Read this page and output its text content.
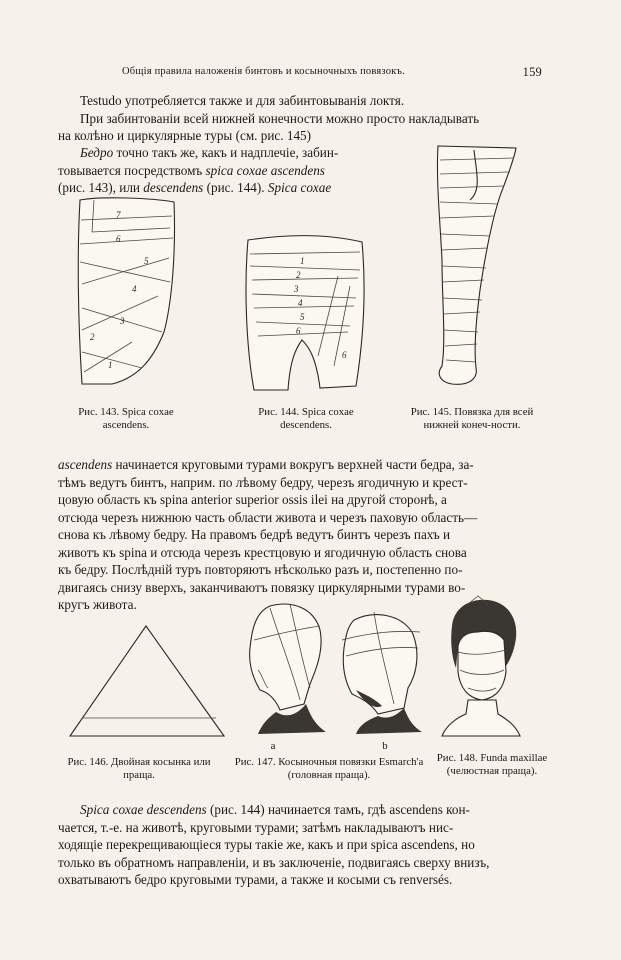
Общія правила наложенія бинтовъ и косыночныхъ повязокъ.	159

Testudo употребляется также и для забинтовыванія локтя.

При забинтованіи всей нижней конечности можно просто накладывать

на колѣно и циркулярные туры (см. рис. 145)

Бедро точно такъ же, какъ и надплечіе, забин-

товывается посредствомъ spica coxae ascendens

(рис. 143), или descendens (рис. 144). Spica coxae

7
6
5
4
3
2
1
1
2
3
4
5
6
6
Рис. 143. Spica coxae ascendens.
Рис. 144. Spica coxae descendens.
Рис. 145. Повязка для всей нижней конеч-ности.

ascendens начинается круговыми турами вокругъ верхней части бедра, за-

тѣмъ ведутъ бинтъ, наприм. по лѣвому бедру, черезъ ягодичную и крест-

цовую область къ spina anterior superior ossis ilei на другой сторонѣ, а

отсюда черезъ нижнюю часть области живота и черезъ паховую область—

снова къ лѣвому бедру. На правомъ бедрѣ ведутъ бинтъ черезъ пахъ и

животъ къ spina и отсюда черезъ крестцовую и ягодичную область снова

къ бедру. Послѣдній туръ повторяютъ нѣсколько разъ и, постепенно по-

двигаясь снизу вверхъ, заканчиваютъ повязку циркулярными турами во-

кругъ живота.

a	b
Рис. 146. Двойная косынка или праща.
Рис. 147. Косыночныя повязки Esmarch'а (головная праща).
Рис. 148. Funda maxillae (челюстная праща).

Spica coxae descendens (рис. 144) начинается тамъ, гдѣ ascendens кон-

чается, т.-е. на животѣ, круговыми турами; затѣмъ накладываютъ нис-

ходящіе перекрещивающіеся туры такіе же, какъ и при spica ascendens, но

только въ обратномъ направленіи, и въ заключеніе, подвигаясь сверху внизъ,

охватываютъ бедро круговыми турами, а также и косыми съ renversés.
